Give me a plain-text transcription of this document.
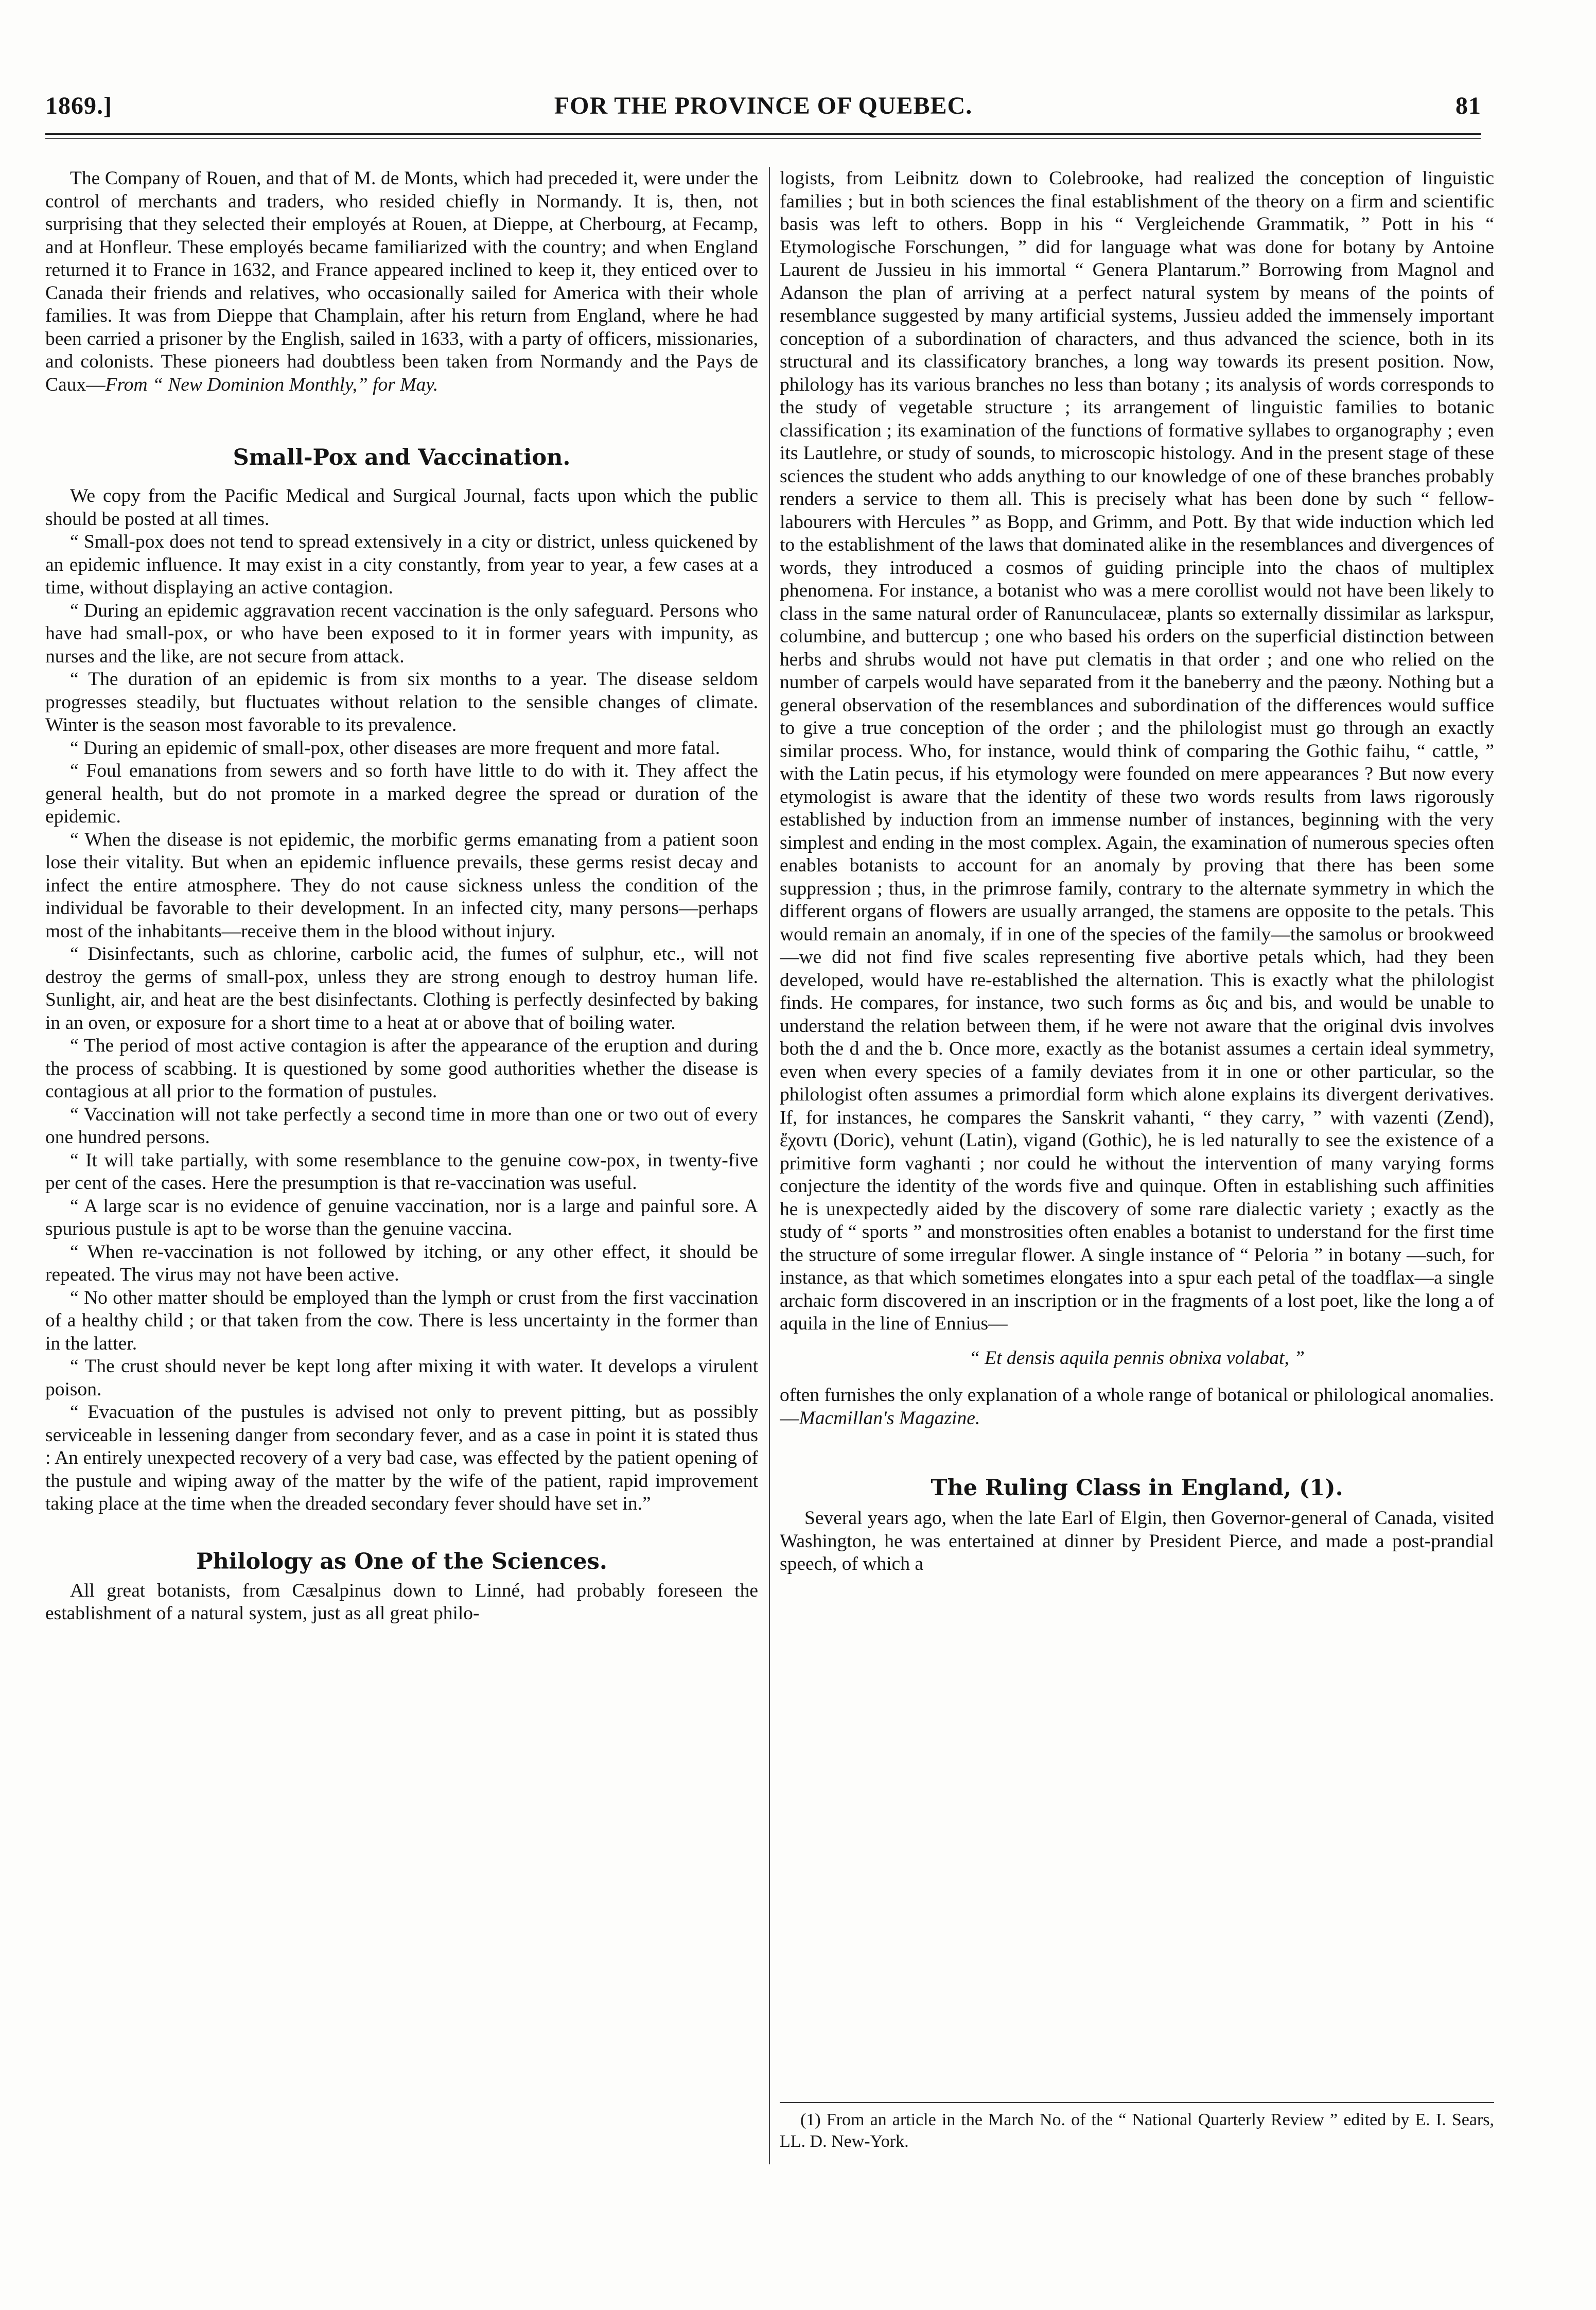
1869.]	FOR THE PROVINCE OF QUEBEC.	81

The Company of Rouen, and that of M. de Monts, which had preceded it, were under the control of merchants and traders, who resided chiefly in Normandy. It is, then, not surprising that they selected their employés at Rouen, at Dieppe, at Cherbourg, at Fecamp, and at Honfleur. These employés became familiarized with the country; and when England returned it to France in 1632, and France appeared inclined to keep it, they enticed over to Canada their friends and relatives, who occasionally sailed for America with their whole families. It was from Dieppe that Champlain, after his return from England, where he had been carried a prisoner by the English, sailed in 1633, with a party of officers, missionaries, and colonists. These pioneers had doubtless been taken from Normandy and the Pays de Caux—From “ New Dominion Monthly,” for May.

Small-Pox and Vaccination.

We copy from the Pacific Medical and Surgical Journal, facts upon which the public should be posted at all times.

“ Small-pox does not tend to spread extensively in a city or district, unless quickened by an epidemic influence. It may exist in a city constantly, from year to year, a few cases at a time, without displaying an active contagion.

“ During an epidemic aggravation recent vaccination is the only safeguard. Persons who have had small-pox, or who have been exposed to it in former years with impunity, as nurses and the like, are not secure from attack.

“ The duration of an epidemic is from six months to a year. The disease seldom progresses steadily, but fluctuates without relation to the sensible changes of climate. Winter is the season most favorable to its prevalence.

“ During an epidemic of small-pox, other diseases are more frequent and more fatal.

“ Foul emanations from sewers and so forth have little to do with it. They affect the general health, but do not promote in a marked degree the spread or duration of the epidemic.

“ When the disease is not epidemic, the morbific germs emanating from a patient soon lose their vitality. But when an epidemic influence prevails, these germs resist decay and infect the entire atmosphere. They do not cause sickness unless the condition of the individual be favorable to their development. In an infected city, many persons—perhaps most of the inhabitants—receive them in the blood without injury.

“ Disinfectants, such as chlorine, carbolic acid, the fumes of sulphur, etc., will not destroy the germs of small-pox, unless they are strong enough to destroy human life. Sunlight, air, and heat are the best disinfectants. Clothing is perfectly desinfected by baking in an oven, or exposure for a short time to a heat at or above that of boiling water.

“ The period of most active contagion is after the appearance of the eruption and during the process of scabbing. It is questioned by some good authorities whether the disease is contagious at all prior to the formation of pustules.

“ Vaccination will not take perfectly a second time in more than one or two out of every one hundred persons.

“ It will take partially, with some resemblance to the genuine cow-pox, in twenty-five per cent of the cases. Here the presumption is that re-vaccination was useful.

“ A large scar is no evidence of genuine vaccination, nor is a large and painful sore. A spurious pustule is apt to be worse than the genuine vaccina.

“ When re-vaccination is not followed by itching, or any other effect, it should be repeated. The virus may not have been active.

“ No other matter should be employed than the lymph or crust from the first vaccination of a healthy child ; or that taken from the cow. There is less uncertainty in the former than in the latter.

“ The crust should never be kept long after mixing it with water. It develops a virulent poison.

“ Evacuation of the pustules is advised not only to prevent pitting, but as possibly serviceable in lessening danger from secondary fever, and as a case in point it is stated thus : An entirely unexpected recovery of a very bad case, was effected by the patient opening of the pustule and wiping away of the matter by the wife of the patient, rapid improvement taking place at the time when the dreaded secondary fever should have set in.”

Philology as One of the Sciences.

All great botanists, from Cæsalpinus down to Linné, had probably foreseen the establishment of a natural system, just as all great philo-

logists, from Leibnitz down to Colebrooke, had realized the conception of linguistic families ; but in both sciences the final establishment of the theory on a firm and scientific basis was left to others. Bopp in his “ Vergleichende Grammatik, ” Pott in his “ Etymologische Forschungen, ” did for language what was done for botany by Antoine Laurent de Jussieu in his immortal “ Genera Plantarum.” Borrowing from Magnol and Adanson the plan of arriving at a perfect natural system by means of the points of resemblance suggested by many artificial systems, Jussieu added the immensely important conception of a subordination of characters, and thus advanced the science, both in its structural and its classificatory branches, a long way towards its present position. Now, philology has its various branches no less than botany ; its analysis of words corresponds to the study of vegetable structure ; its arrangement of linguistic families to botanic classification ; its examination of the functions of formative syllabes to organography ; even its Lautlehre, or study of sounds, to microscopic histology. And in the present stage of these sciences the student who adds anything to our knowledge of one of these branches probably renders a service to them all. This is precisely what has been done by such “ fellow-labourers with Hercules ” as Bopp, and Grimm, and Pott. By that wide induction which led to the establishment of the laws that dominated alike in the resemblances and divergences of words, they introduced a cosmos of guiding principle into the chaos of multiplex phenomena. For instance, a botanist who was a mere corollist would not have been likely to class in the same natural order of Ranunculaceæ, plants so externally dissimilar as larkspur, columbine, and buttercup ; one who based his orders on the superficial distinction between herbs and shrubs would not have put clematis in that order ; and one who relied on the number of carpels would have separated from it the baneberry and the pæony. Nothing but a general observation of the resemblances and subordination of the differences would suffice to give a true conception of the order ; and the philologist must go through an exactly similar process. Who, for instance, would think of comparing the Gothic faihu, “ cattle, ” with the Latin pecus, if his etymology were founded on mere appearances ? But now every etymologist is aware that the identity of these two words results from laws rigorously established by induction from an immense number of instances, beginning with the very simplest and ending in the most complex. Again, the examination of numerous species often enables botanists to account for an anomaly by proving that there has been some suppression ; thus, in the primrose family, contrary to the alternate symmetry in which the different organs of flowers are usually arranged, the stamens are opposite to the petals. This would remain an anomaly, if in one of the species of the family—the samolus or brookweed—we did not find five scales representing five abortive petals which, had they been developed, would have re-established the alternation. This is exactly what the philologist finds. He compares, for instance, two such forms as δις and bis, and would be unable to understand the relation between them, if he were not aware that the original dvis involves both the d and the b. Once more, exactly as the botanist assumes a certain ideal symmetry, even when every species of a family deviates from it in one or other particular, so the philologist often assumes a primordial form which alone explains its divergent derivatives. If, for instances, he compares the Sanskrit vahanti, “ they carry, ” with vazenti (Zend), ἔχοντι (Doric), vehunt (Latin), vigand (Gothic), he is led naturally to see the existence of a primitive form vaghanti ; nor could he without the intervention of many varying forms conjecture the identity of the words five and quinque. Often in establishing such affinities he is unexpectedly aided by the discovery of some rare dialectic variety ; exactly as the study of “ sports ” and monstrosities often enables a botanist to understand for the first time the structure of some irregular flower. A single instance of “ Peloria ” in botany —such, for instance, as that which sometimes elongates into a spur each petal of the toadflax—a single archaic form discovered in an inscription or in the fragments of a lost poet, like the long a of aquila in the line of Ennius—

“ Et densis aquila pennis obnixa volabat, ”

often furnishes the only explanation of a whole range of botanical or philological anomalies.—Macmillan's Magazine.

The Ruling Class in England, (1).

Several years ago, when the late Earl of Elgin, then Governor-general of Canada, visited Washington, he was entertained at dinner by President Pierce, and made a post-prandial speech, of which a

(1) From an article in the March No. of the “ National Quarterly Review ” edited by E. I. Sears, LL. D. New-York.
